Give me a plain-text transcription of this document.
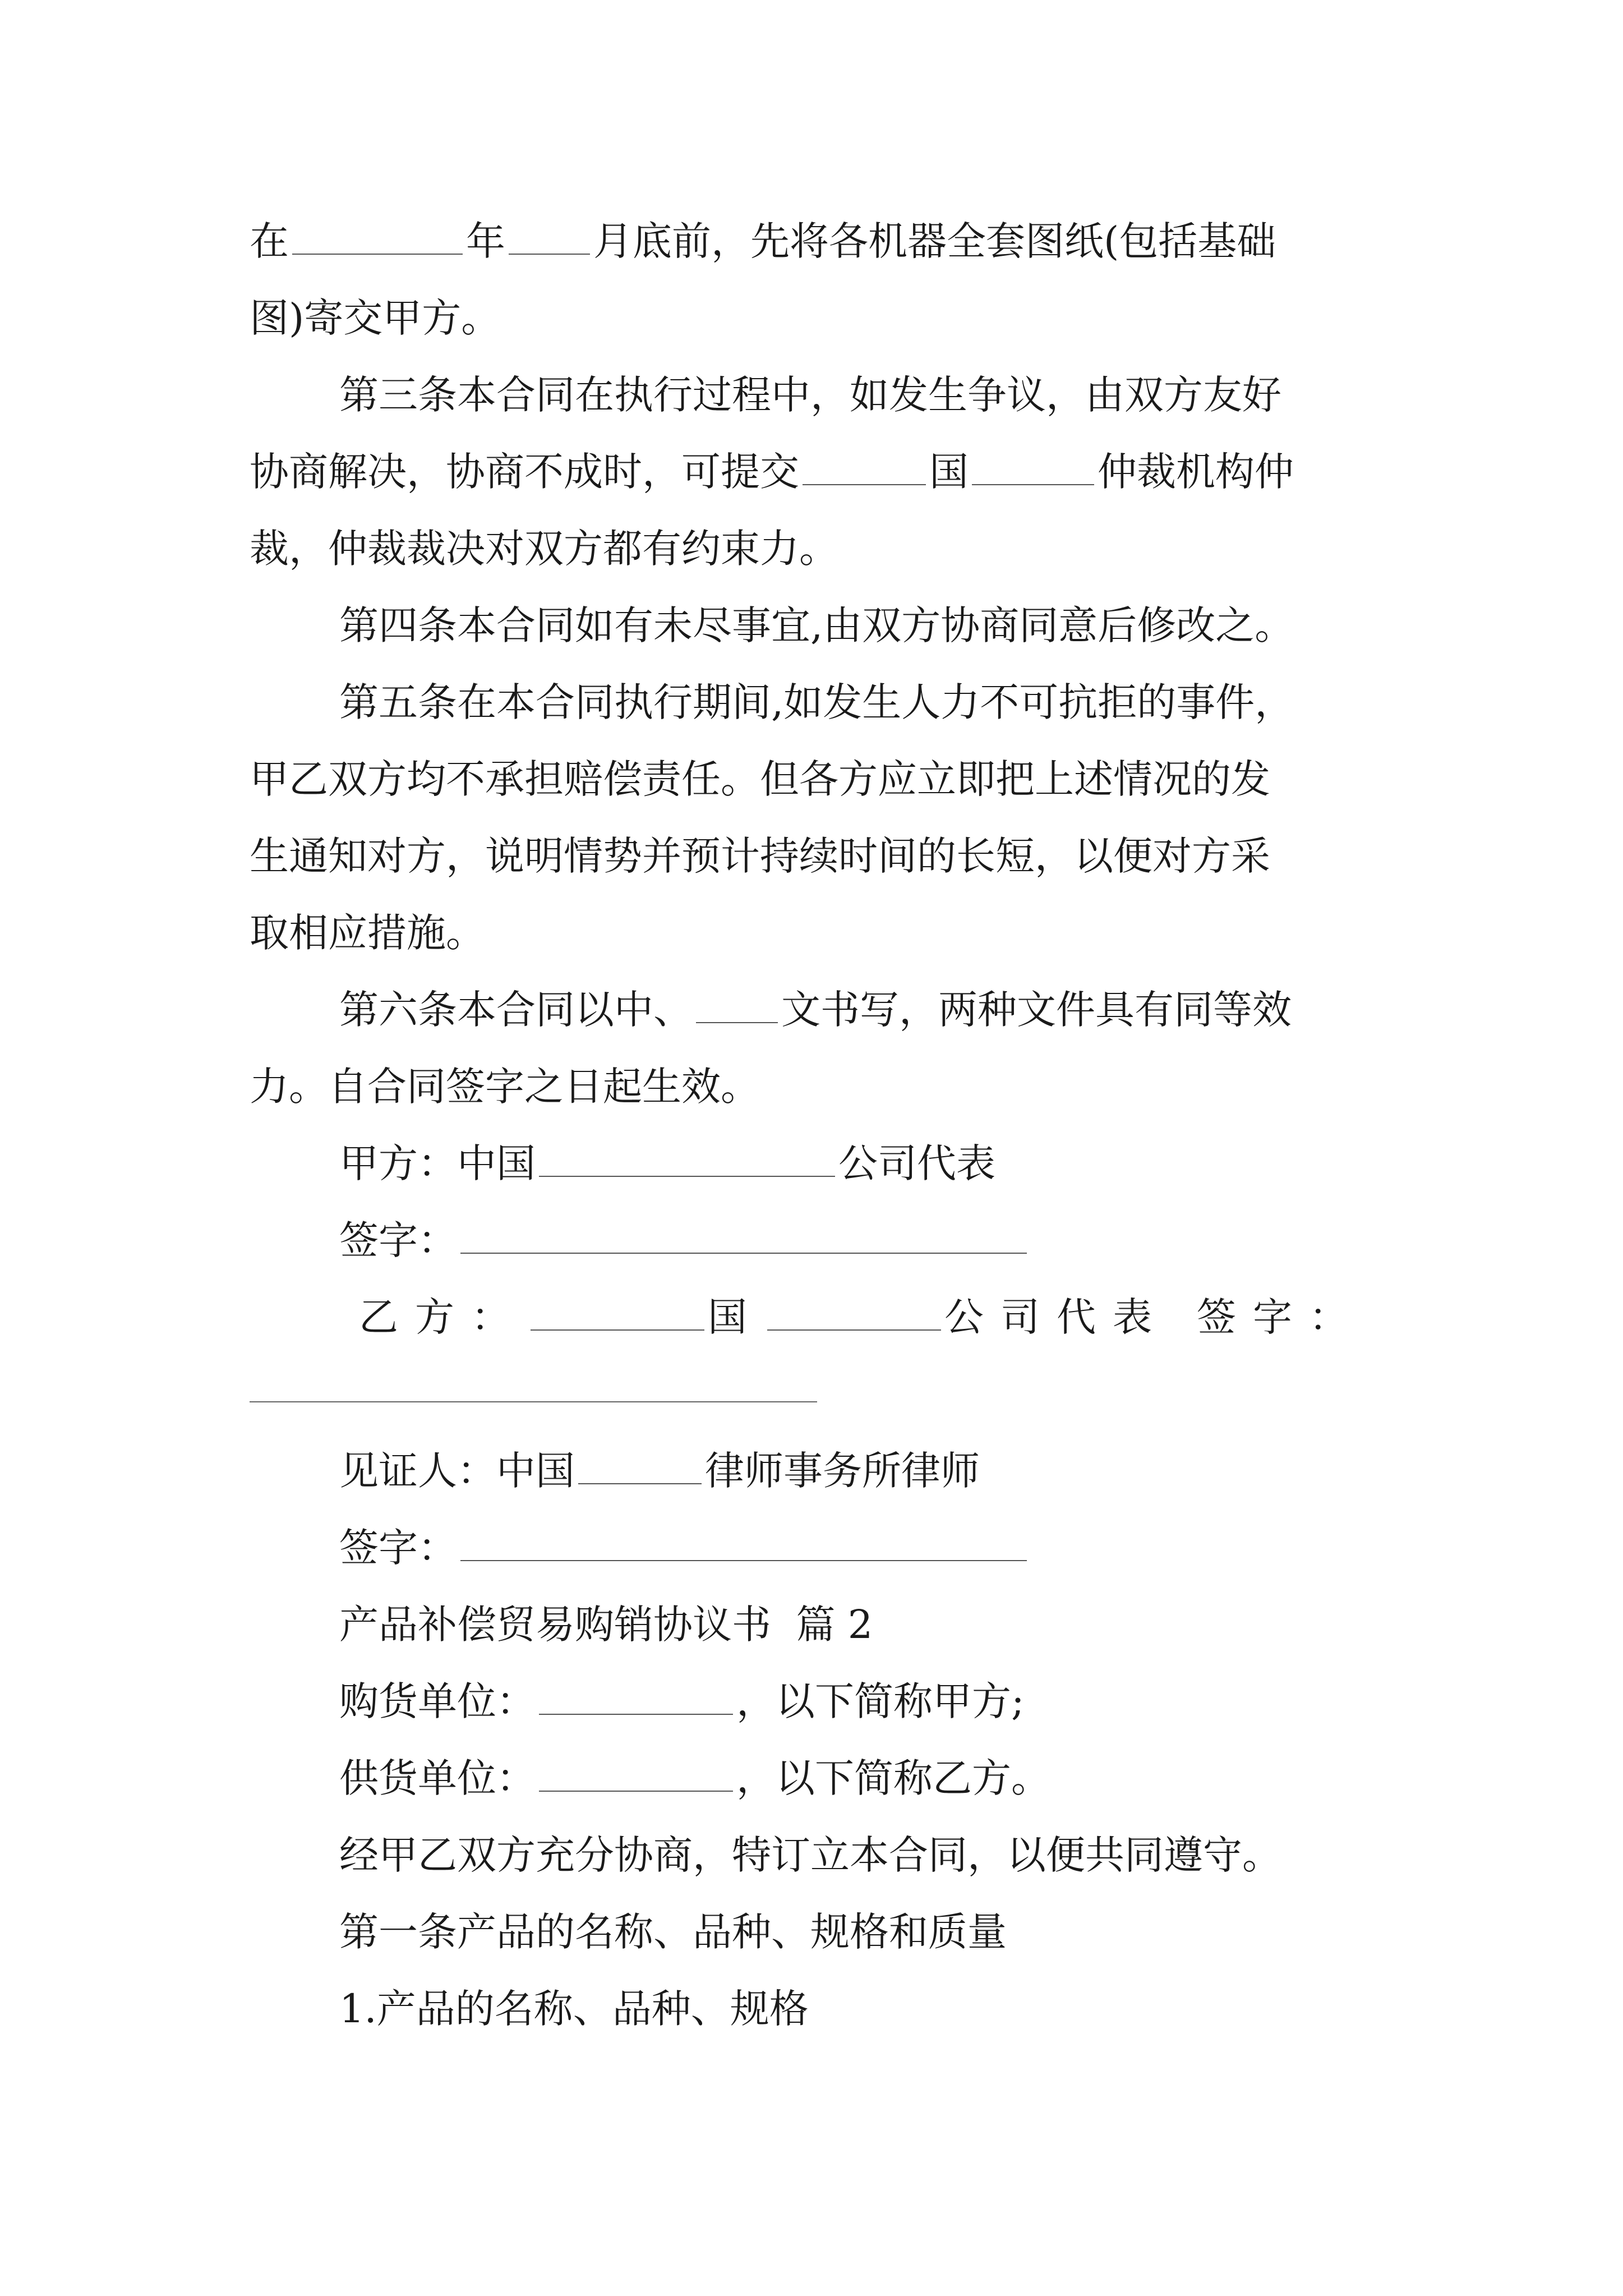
在	年 月底前，先将各机器全套图纸(包括基础
图)寄交甲方。
第三条本合同在执行过程中，如发生争议，由双方友好
协商解决，协商不成时，可提交	国	仲裁机构仲
裁，仲裁裁决对双方都有约束力。
第四条本合同如有未尽事宜,由双方协商同意后修改之。
第五条在本合同执行期间,如发生人力不可抗拒的事件，
甲乙双方均不承担赔偿责任。但各方应立即把上述情况的发
生通知对方，说明情势并预计持续时间的长短，以便对方采
取相应措施。
第六条本合同以中、 文书写，两种文件具有同等效
力。自合同签字之日起生效。
甲方：中国	公司代表
签字：
乙方：	国	公司代表 签字：
见证人：中国	律师事务所律师
签字：
产品补偿贸易购销协议书  篇 2
购货单位：	，以下简称甲方;
供货单位：	，以下简称乙方。
经甲乙双方充分协商，特订立本合同，以便共同遵守。
第一条产品的名称、品种、规格和质量
1.产品的名称、品种、规格
